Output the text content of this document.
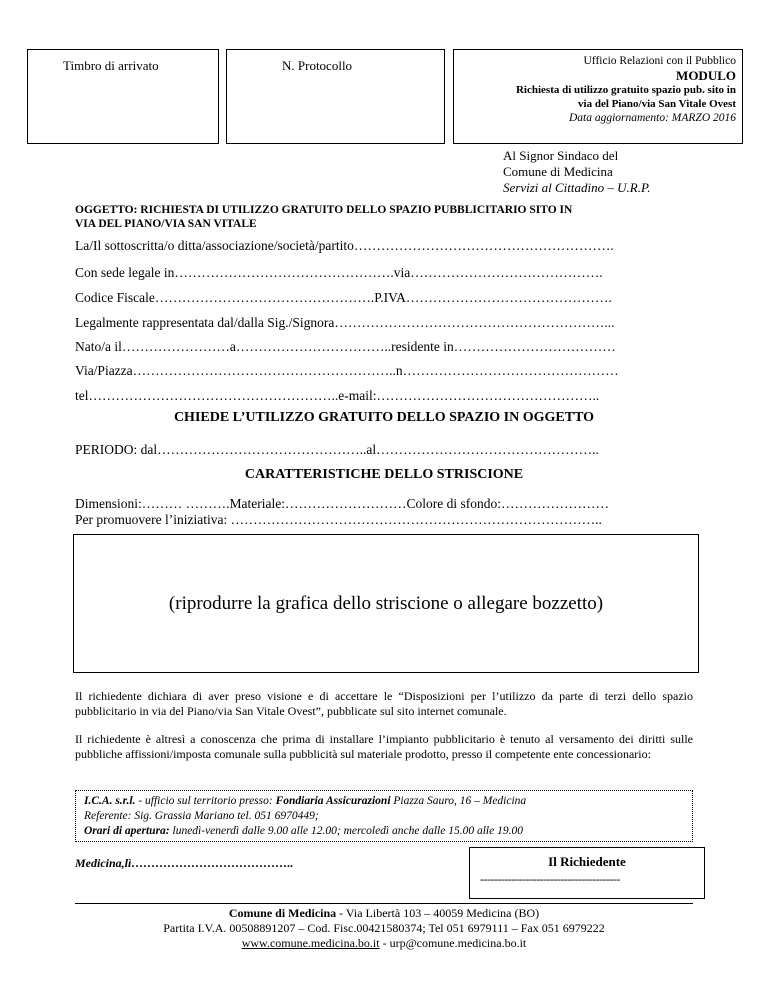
Timbro di arrivato	N. Protocollo	Ufficio Relazioni con il Pubblico
MODULO
Richiesta di utilizzo gratuito spazio pub. sito in
via del Piano/via San Vitale Ovest
Data aggiornamento: MARZO 2016
Al Signor Sindaco del
Comune di Medicina
Servizi al Cittadino – U.R.P.
OGGETTO: RICHIESTA DI UTILIZZO GRATUITO DELLO SPAZIO PUBBLICITARIO SITO IN
VIA DEL PIANO/VIA SAN VITALE
La/Il sottoscritta/o ditta/associazione/società/partito………………………………………………….
Con sede legale in………………………………………….via…………………………………….
Codice Fiscale………………………………………….P.IVA……………………………………….
Legalmente rappresentata dal/dalla Sig./Signora……………………………………………………...
Nato/a il……………………a……………………………..residente in………………………………
Via/Piazza…………………………………………………..n…………………………………………
tel………………………………………………..e-mail:…………………………………………..
CHIEDE L’UTILIZZO GRATUITO DELLO SPAZIO IN OGGETTO
PERIODO: dal………………………………………..al…………………………………………..
CARATTERISTICHE DELLO STRISCIONE
Dimensioni:……… ……….Materiale:………………………Colore di sfondo:……………………
Per promuovere l’iniziativa: ………………………………………………………………………..
(riprodurre la grafica dello striscione o allegare bozzetto)
Il richiedente dichiara di aver preso visione e di accettare le “Disposizioni per l’utilizzo da parte di terzi dello spazio pubblicitario in via del Piano/via San Vitale Ovest”, pubblicate sul sito internet comunale.
Il richiedente è altresì a conoscenza che prima di installare l’impianto pubblicitario è tenuto al versamento dei diritti sulle pubbliche affissioni/imposta comunale sulla pubblicità sul materiale prodotto, presso il competente ente concessionario:
I.C.A. s.r.l. - ufficio sul territorio presso: Fondiaria Assicurazioni Piazza Sauro, 16 – Medicina
Referente: Sig. Grassia Mariano tel. 051 6970449;
Orari di apertura: lunedì-venerdì dalle 9.00 alle 12.00; mercoledì anche dalle 15.00 alle 19.00
Medicina,lì…………………………………..	Il Richiedente
----------------------------------------
Comune di Medicina - Via Libertà 103 – 40059 Medicina (BO)
Partita I.V.A. 00508891207 – Cod. Fisc.00421580374; Tel 051 6979111 – Fax 051 6979222
www.comune.medicina.bo.it - urp@comune.medicina.bo.it
